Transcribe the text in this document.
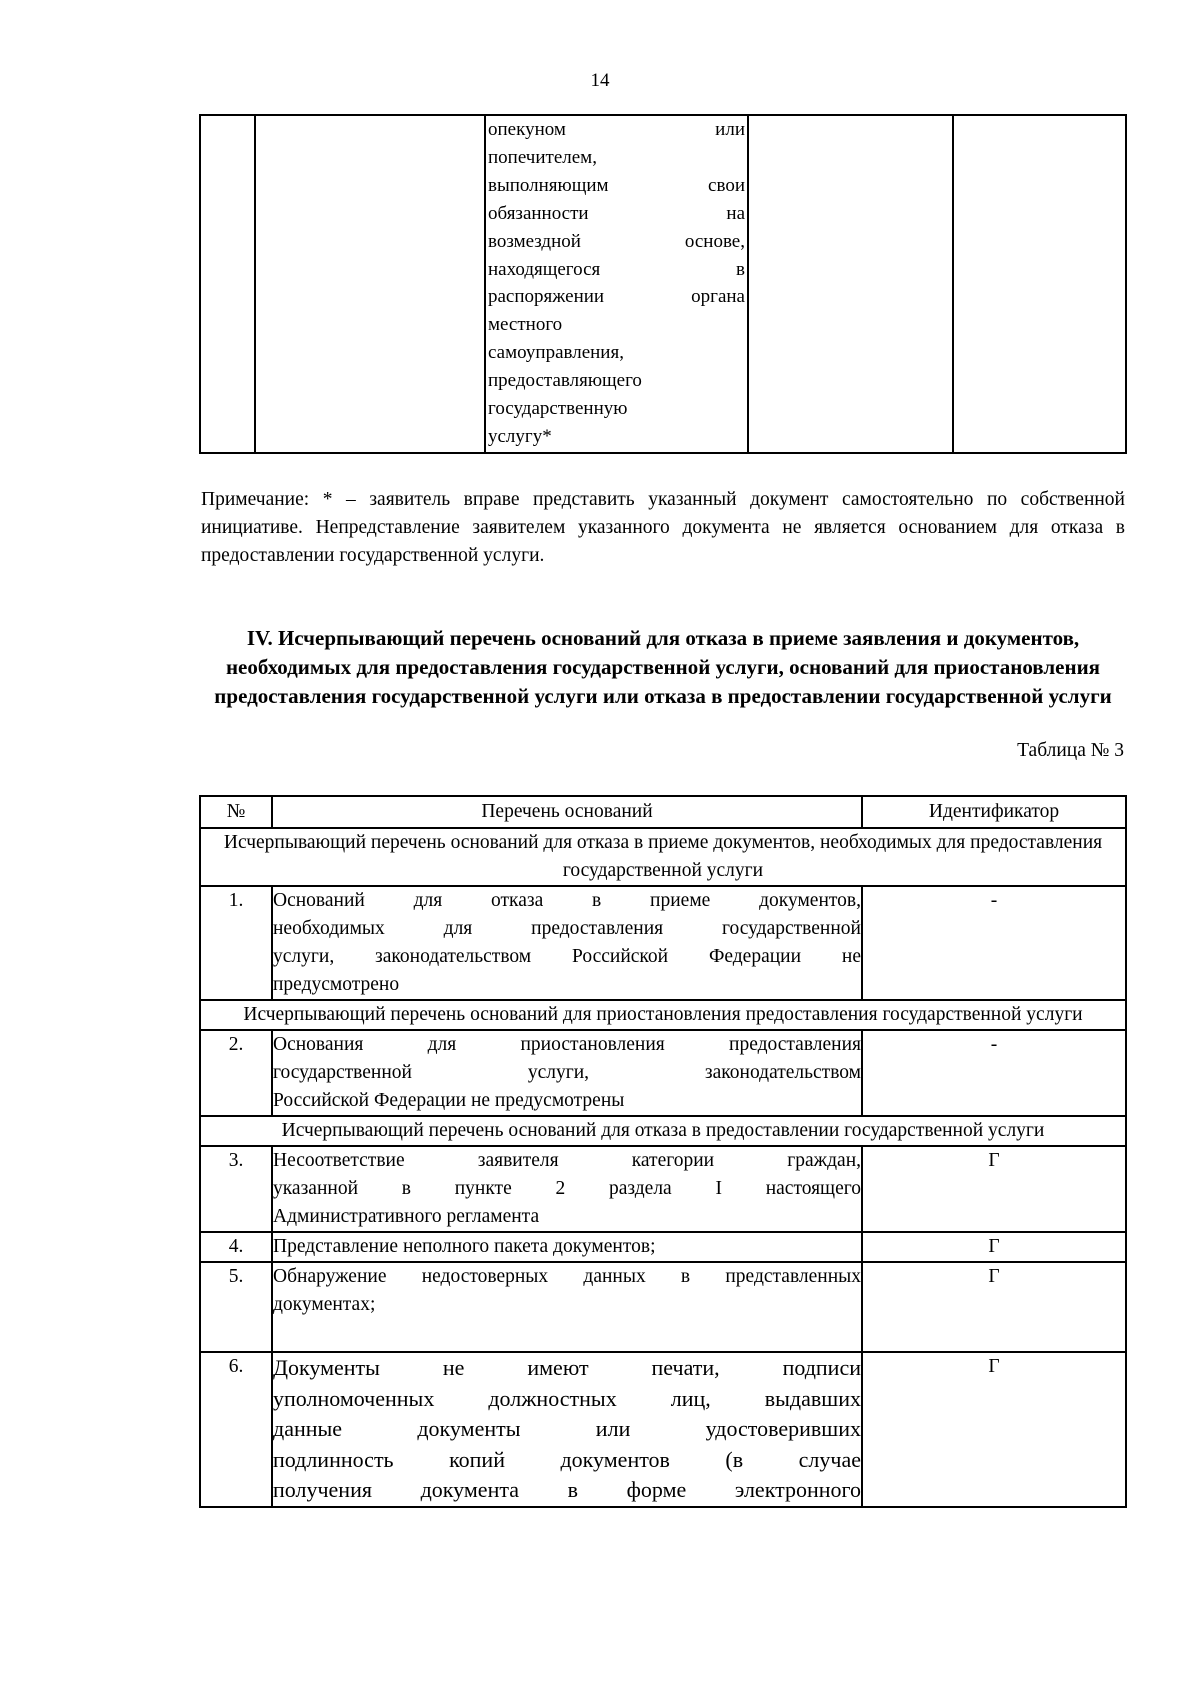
14

опекуном или
попечителем,
выполняющим свои
обязанности на
возмездной основе,
находящегося в
распоряжении органа
местного
самоуправления,
предоставляющего
государственную
услугу*

Примечание: * – заявитель вправе представить указанный документ самостоятельно по собственной инициативе. Непредставление заявителем указанного документа не является основанием для отказа в предоставлении государственной услуги.

IV. Исчерпывающий перечень оснований для отказа в приеме заявления и документов, необходимых для предоставления государственной услуги, оснований для приостановления предоставления государственной услуги или отказа в предоставлении государственной услуги
Таблица № 3
№	Перечень оснований	Идентификатор
Исчерпывающий перечень оснований для отказа в приеме документов, необходимых для предоставления государственной услуги		

1.	Оснований для отказа в приеме документов,
необходимых для предоставления государственной
услуги, законодательством Российской Федерации не
предусмотрено	-

Исчерпывающий перечень оснований для приостановления предоставления государственной услуги		

2.	Основания для приостановления предоставления
государственной услуги, законодательством
Российской Федерации не предусмотрены	-

Исчерпывающий перечень оснований для отказа в предоставлении государственной услуги		

3.	Несоответствие заявителя категории граждан,
указанной в пункте 2 раздела I настоящего
Административного регламента	Г

4.	Представление неполного пакета документов;	Г

5.	Обнаружение недостоверных данных в представленных
документах;	Г

6.	Документы не имеют печати, подписи
уполномоченных должностных лиц, выдавших
данные документы или удостоверивших
подлинность копий документов (в случае
получения документа в форме электронного	Г
